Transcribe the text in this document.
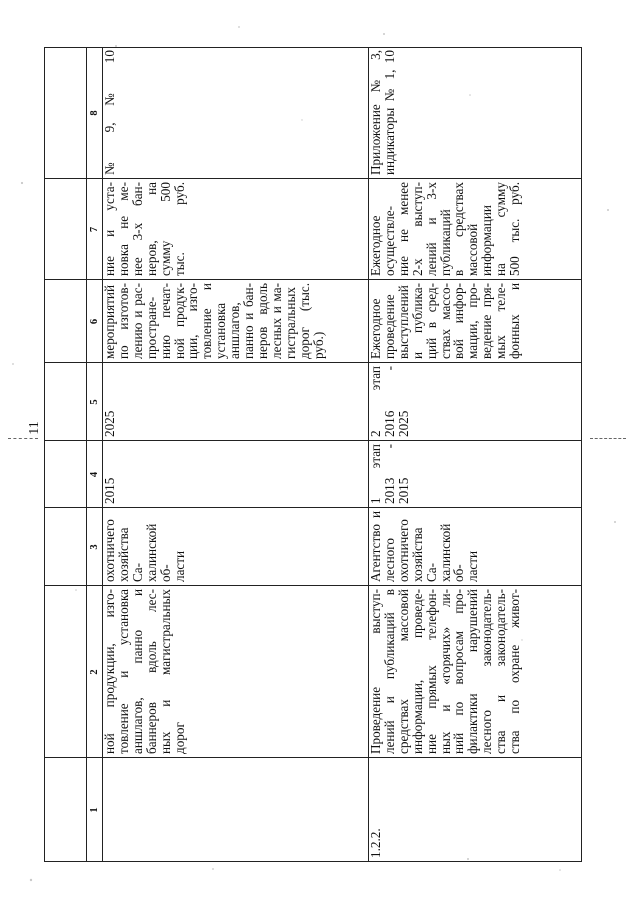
11
1
2
3
4
5
6
7
8
ной продукции, изго-
товление и установка
аншлагов, панно и
баннеров вдоль лес-
ных и магистральных
дорог
охотничего
хозяйства Са-
халинской об-
ласти
2015
2025
мероприятий
по изготов-
лению и рас-
простране-
нию печат-
ной продук-
ции, изго-
товление и
установка
аншлагов,
панно и бан-
неров вдоль
лесных и ма-
гистральных
дорог (тыс.
руб.)
ние и уста-
новка не ме-
нее 3-х бан-
неров, на
сумму 500
тыс. руб.
№ 9, № 10
1.2.2.
Проведение выступ-
лений и публикаций в
средствах массовой
информации, проведе-
ние прямых телефон-
ных и «горячих» ли-
ний по вопросам про-
филактики нарушений
лесного законодатель-
ства и законодатель-
ства по охране живот-
Агентство и
лесного
охотничего
хозяйства Са-
халинской об-
ласти
1 этап
2013 -
2015
2 этап
2016 -
2025
Ежегодное
проведение
выступлений
и публика-
ций в сред-
ствах массо-
вой инфор-
мации, про-
ведение пря-
мых теле-
фонных и
Ежегодное
осуществле-
ние не менее
2-х выступ-
лений и 3-х
публикаций
в средствах
массовой
информации
на сумму
500 тыс. руб.
Приложение № 3,
индикаторы № 1, 10
